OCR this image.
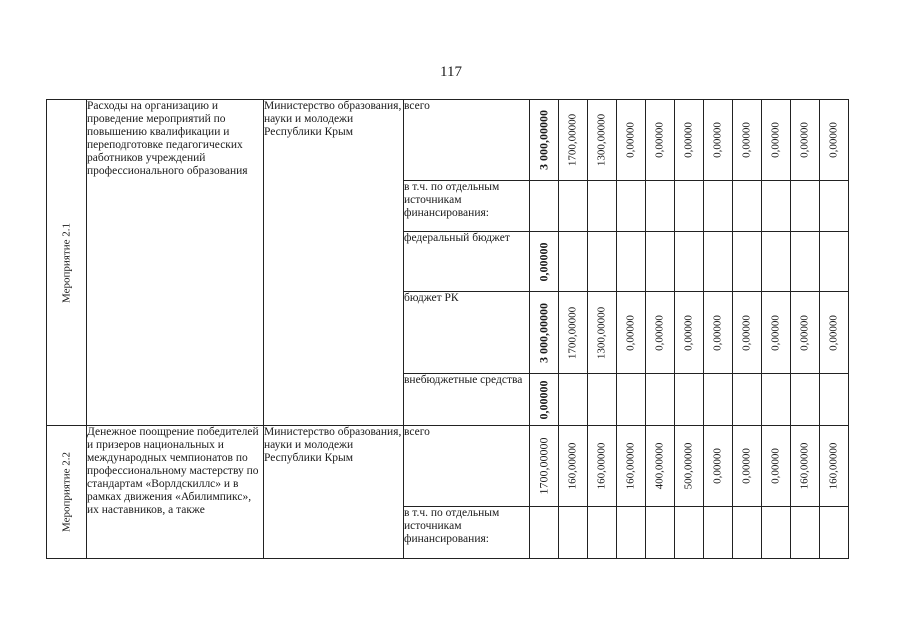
117
Мероприятие 2.1	Расходы на организацию и проведение мероприятий по повышению квалификации и переподготовке педагогических работников учреждений профессионального образования	Министерство образования, науки и молодежи Республики Крым	всего	3 000,00000	1700,00000	1300,00000	0,00000	0,00000	0,00000	0,00000	0,00000	0,00000	0,00000	0,00000

			в т.ч. по отдельным источникам финансирования:	

			федеральный бюджет	0,00000										

			бюджет РК	3 000,00000	1700,00000	1300,00000	0,00000	0,00000	0,00000	0,00000	0,00000	0,00000	0,00000	0,00000

			внебюджетные средства	0,00000										

Мероприятие 2.2	Денежное поощрение победителей и призеров национальных и международных чемпионатов по профессиональному мастерству по стандартам «Ворлдскиллс» и в рамках движения «Абилимпикс», их наставников, а также	Министерство образования, науки и молодежи Республики Крым	всего	1700,00000	160,00000	160,00000	160,00000	400,00000	500,00000	0,00000	0,00000	0,00000	160,00000	160,00000

			в т.ч. по отдельным источникам финансирования:	
